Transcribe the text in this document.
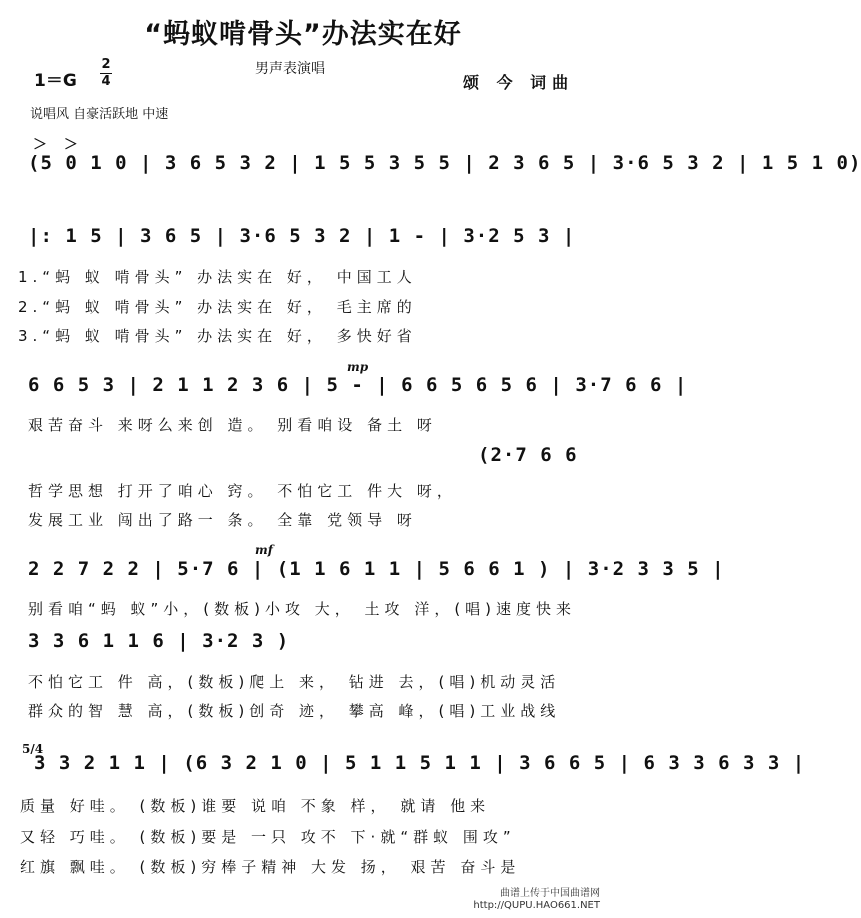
“蚂蚁啃骨头”办法实在好
男声表演唱
1＝G
2
4	颂 今 词曲
说唱风 自豪活跃地 中速
＞ ＞
(5 0 1 0 | 3 6 5 3 2 | 1 5 5 3 5 5 | 2 3 6 5 | 3·6 5 3 2 | 1 5 1 0)
|: 1 5 | 3 6 5 | 3·6 5 3 2 | 1 - | 3·2 5 3 |
1.“蚂 蚁 啃骨头” 办法实在 好， 中国工人
2.“蚂 蚁 啃骨头” 办法实在 好， 毛主席的
3.“蚂 蚁 啃骨头” 办法实在 好， 多快好省
mp
6 6 5 3 | 2 1 1 2 3 6 | 5 - | 6 6 5 6 5 6 | 3·7 6 6 |
艰苦奋斗 来呀么来创 造。 别看咱设 备土 呀
(2·7 6 6
哲学思想 打开了咱心 窍。 不怕它工 件大 呀，
发展工业 闯出了路一 条。 全靠 党领导 呀
mf
2 2 7 2 2 | 5·7 6 | (1 1 6 1 1 | 5 6 6 1 ) | 3·2 3 3 5 |
别看咱“蚂 蚁”小，(数板)小攻 大， 土攻 洋，(唱)速度快来
3 3 6 1 1 6 | 3·2 3 )
不怕它工 件 高，(数板)爬上 来， 钻进 去，(唱)机动灵活
群众的智 慧 高，(数板)创奇 迹， 攀高 峰，(唱)工业战线
5/4
3 3 2 1 1 | (6 3 2 1 0 | 5 1 1 5 1 1 | 3 6 6 5 | 6 3 3 6 3 3 |
质量 好哇。 (数板)谁要 说咱 不象 样， 就请 他来
又轻 巧哇。 (数板)要是 一只 攻不 下·就“群蚁 围攻”
红旗 飘哇。 (数板)穷棒子精神 大发 扬， 艰苦 奋斗是
曲谱上传于中国曲谱网
http://QUPU.HAO661.NET
